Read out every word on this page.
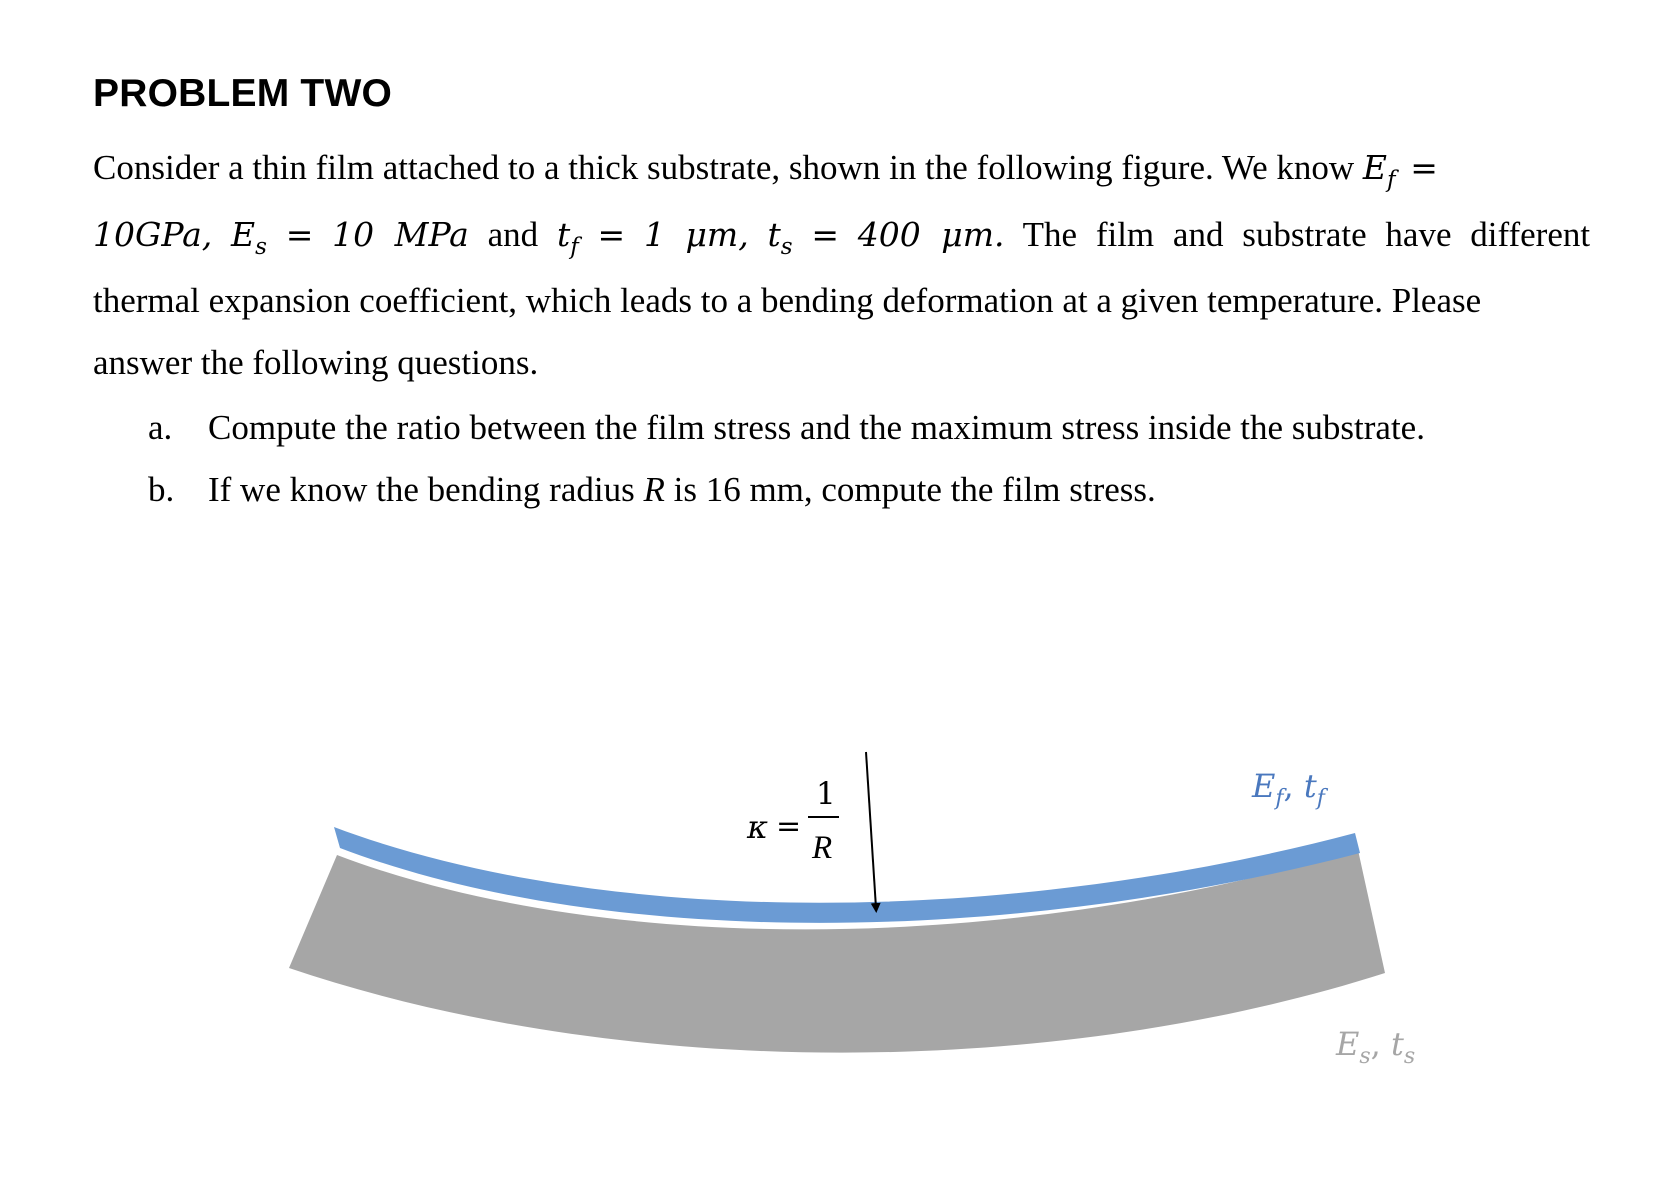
PROBLEM TWO
Consider a thin film attached to a thick substrate, shown in the following figure. We know $E_f$ =
10GPa, $E_s = 10$ MPa and $t_f = 1$ μm, $t_s = 400$ μm. The film and substrate have different
thermal expansion coefficient, which leads to a bending deformation at a given temperature. Please
answer the following questions.
a. Compute the ratio between the film stress and the maximum stress inside the substrate.
b. If we know the bending radius R is 16 mm, compute the film stress.
κ =
1
R
$E_f$, $t_f$
$E_s$, $t_s$
